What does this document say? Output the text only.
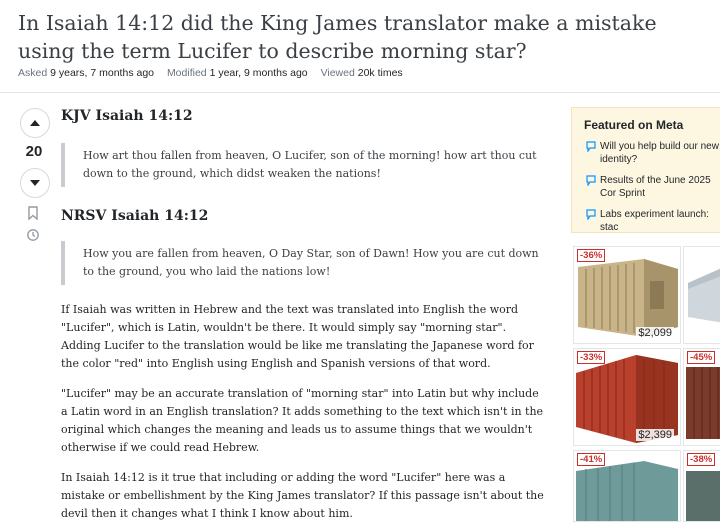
In Isaiah 14:12 did the King James translator make a mistake using the term Lucifer to describe morning star?
Asked 9 years, 7 months ago Modified 1 year, 9 months ago Viewed 20k times
20
KJV Isaiah 14:12
How art thou fallen from heaven, O Lucifer, son of the morning! how art thou cut down to the ground, which didst weaken the nations!
NRSV Isaiah 14:12
How you are fallen from heaven, O Day Star, son of Dawn! How you are cut down to the ground, you who laid the nations low!

If Isaiah was written in Hebrew and the text was translated into English the word "Lucifer", which is Latin, wouldn't be there. It would simply say "morning star". Adding Lucifer to the translation would be like me translating the Japanese word for the color "red" into English using English and Spanish versions of that word.

"Lucifer" may be an accurate translation of "morning star" into Latin but why include a Latin word in an English translation? It adds something to the text which isn't in the original which changes the meaning and leads us to assume things that we wouldn't otherwise if we could read Hebrew.

In Isaiah 14:12 is it true that including or adding the word "Lucifer" here was a mistake or embellishment by the King James translator? If this passage isn't about the devil then it changes what I think I know about him.

Featured on Meta
Will you help build our new identity?
Results of the June 2025 Cor Sprint
Labs experiment launch: stac
-36%
$2,099
-33%
$2,399
-45%
-41%	-38%
